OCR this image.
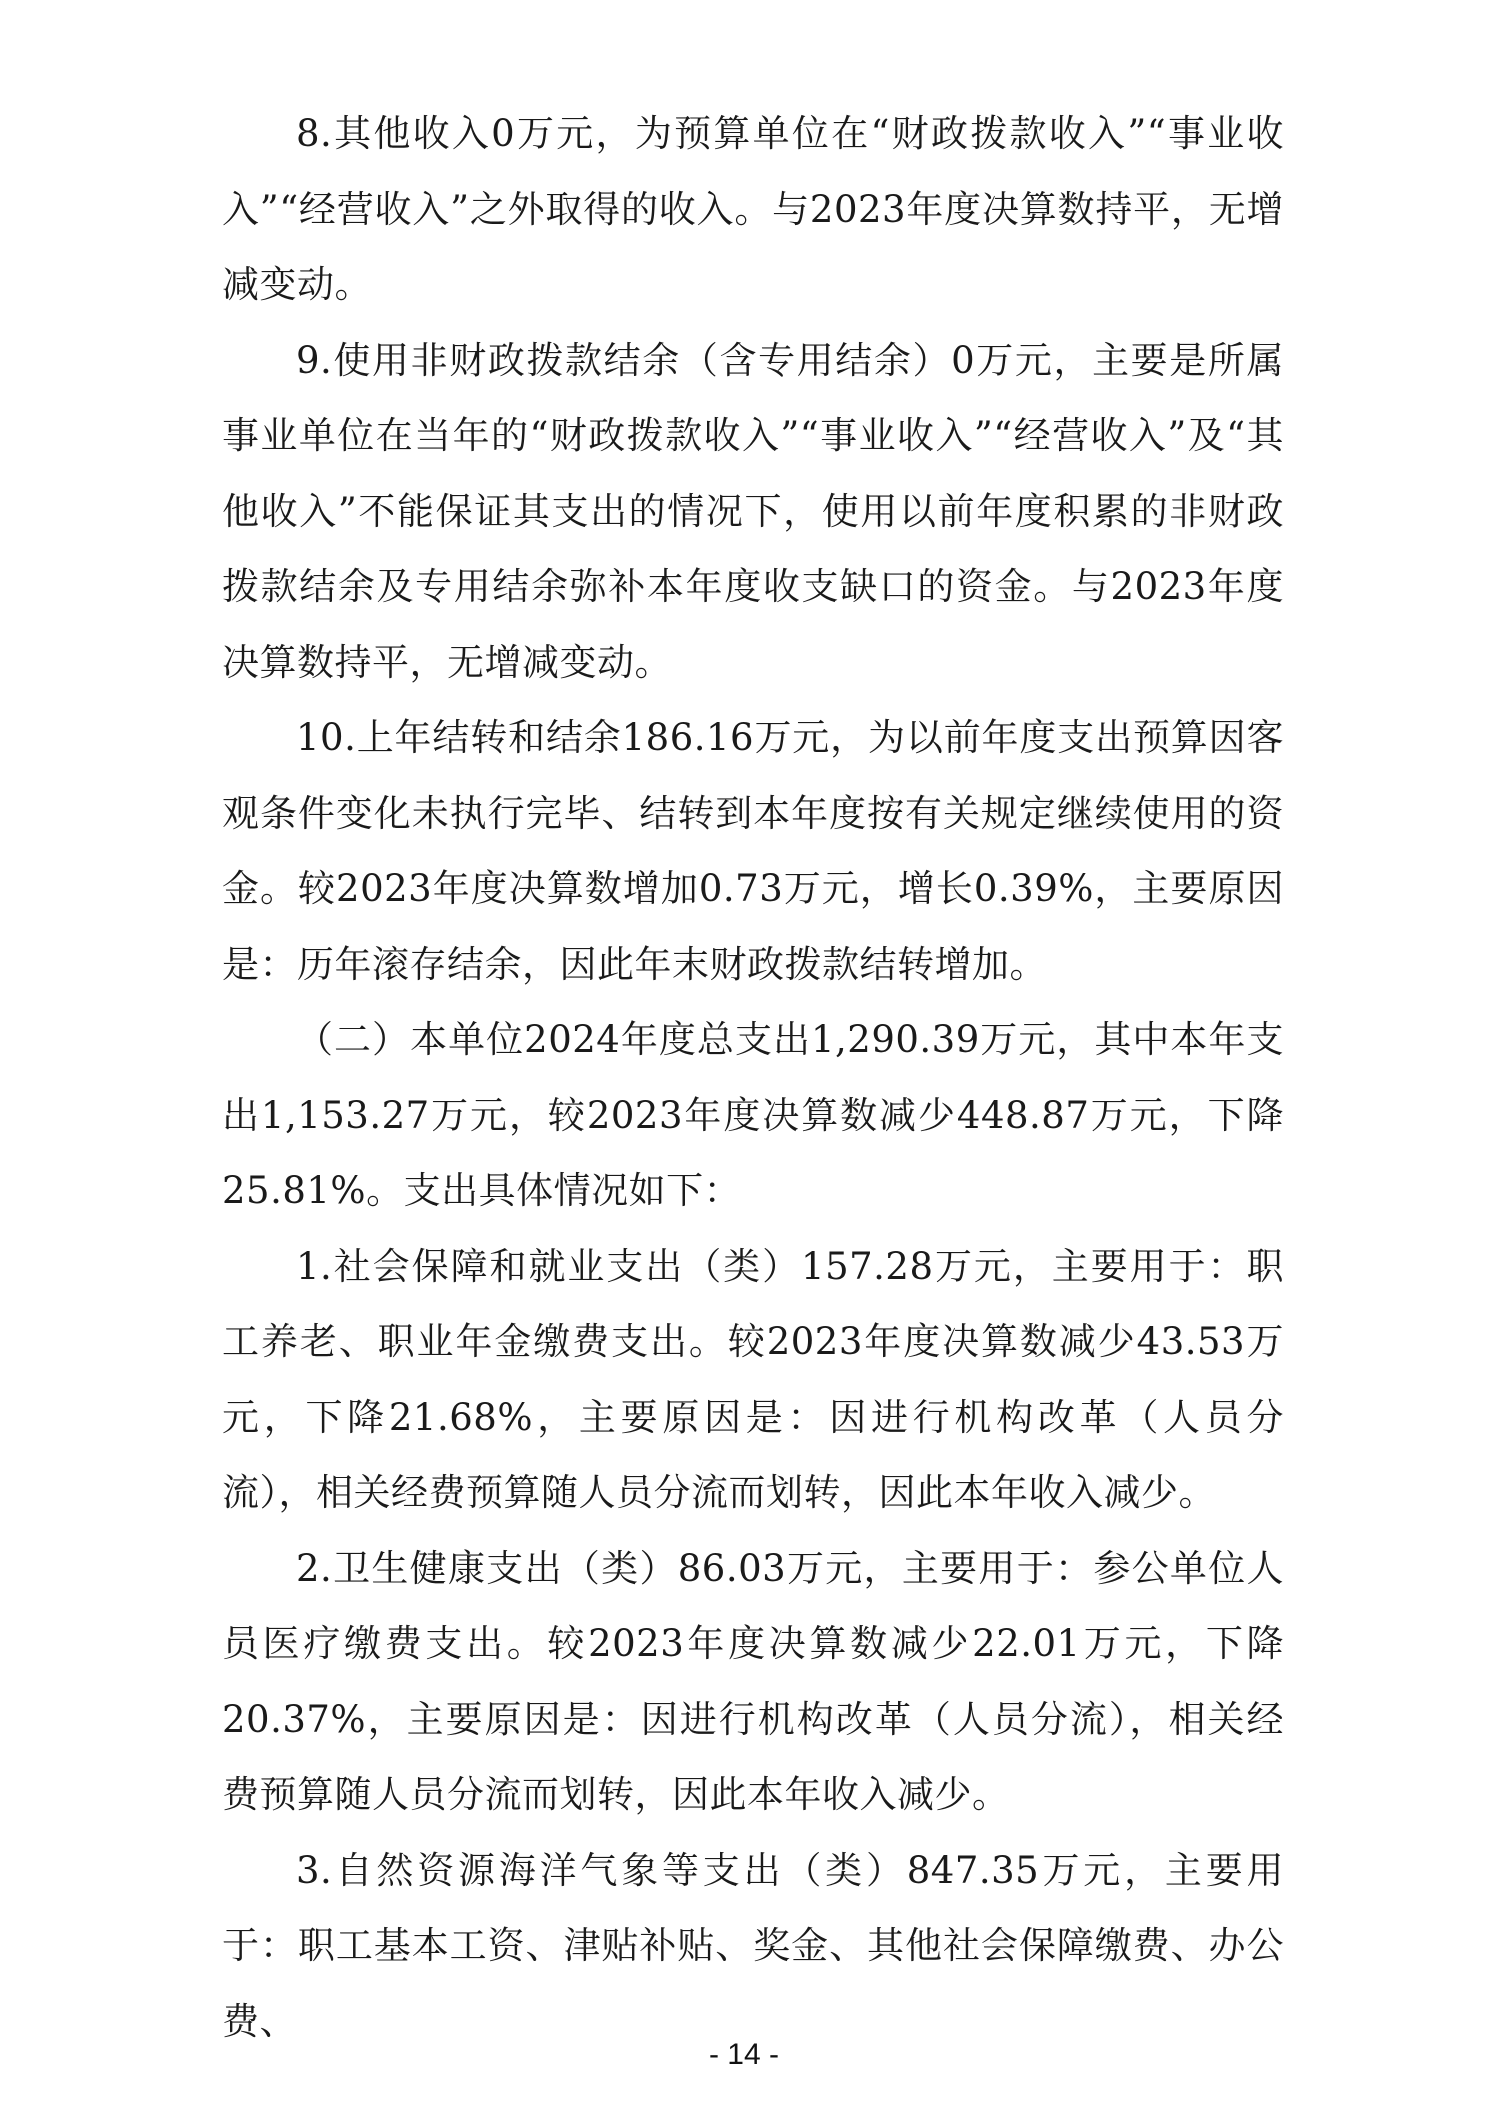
8.其他收入0万元，为预算单位在“财政拨款收入”“事业收入”“经营收入”之外取得的收入。与2023年度决算数持平，无增减变动。

9.使用非财政拨款结余（含专用结余）0万元，主要是所属事业单位在当年的“财政拨款收入”“事业收入”“经营收入”及“其他收入”不能保证其支出的情况下，使用以前年度积累的非财政拨款结余及专用结余弥补本年度收支缺口的资金。与2023年度决算数持平，无增减变动。

10.上年结转和结余186.16万元，为以前年度支出预算因客观条件变化未执行完毕、结转到本年度按有关规定继续使用的资金。较2023年度决算数增加0.73万元，增长0.39%，主要原因是：历年滚存结余，因此年末财政拨款结转增加。

（二）本单位2024年度总支出1,290.39万元，其中本年支出1,153.27万元，较2023年度决算数减少448.87万元，下降25.81%。支出具体情况如下：

1.社会保障和就业支出（类）157.28万元，主要用于：职工养老、职业年金缴费支出。较2023年度决算数减少43.53万元，下降21.68%，主要原因是：因进行机构改革（人员分流），相关经费预算随人员分流而划转，因此本年收入减少。

2.卫生健康支出（类）86.03万元，主要用于：参公单位人员医疗缴费支出。较2023年度决算数减少22.01万元，下降20.37%，主要原因是：因进行机构改革（人员分流），相关经费预算随人员分流而划转，因此本年收入减少。

3.自然资源海洋气象等支出（类）847.35万元，主要用于：职工基本工资、津贴补贴、奖金、其他社会保障缴费、办公费、

- 14 -
